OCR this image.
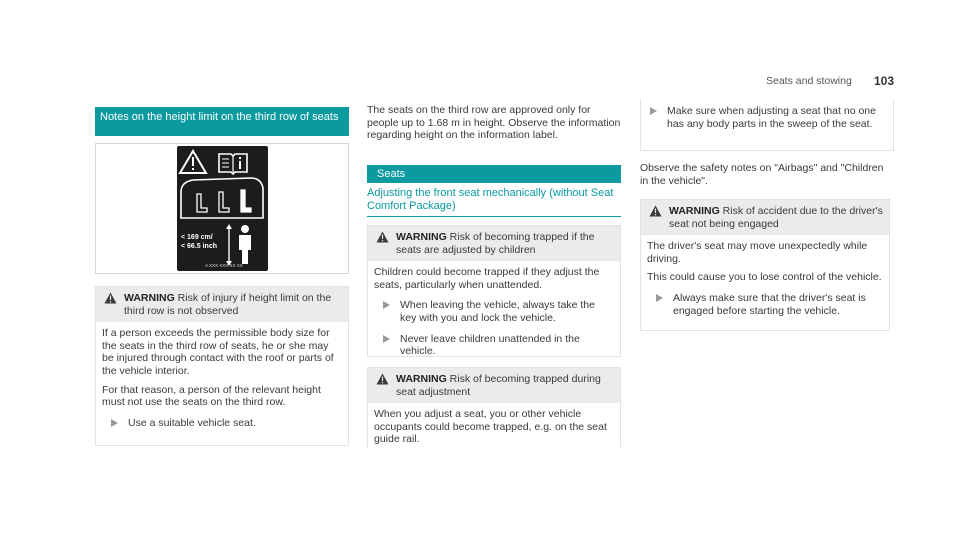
Seats and stowing 103
Notes on the height limit on the third row of seats
< 169 cm/
< 66.5 inch
A XXX XXX XX XX
WARNING Risk of injury if height limit on the third row is not observed

If a person exceeds the permissible body size for the seats in the third row of seats, he or she may be injured through contact with the roof or parts of the vehicle interior.

For that reason, a person of the relevant height must not use the seats on the third row.

Use a suitable vehicle seat.
The seats on the third row are approved only for people up to 1.68 m in height. Observe the information regarding height on the information label.
Seats
Adjusting the front seat mechanically (without Seat Comfort Package)
WARNING Risk of becoming trapped if the seats are adjusted by children

Children could become trapped if they adjust the seats, particularly when unattended.

When leaving the vehicle, always take the key with you and lock the vehicle.
Never leave children unattended in the vehicle.
WARNING Risk of becoming trapped during seat adjustment

When you adjust a seat, you or other vehicle occupants could become trapped, e.g. on the seat guide rail.

Make sure when adjusting a seat that no one has any body parts in the sweep of the seat.
Observe the safety notes on "Airbags" and "Children in the vehicle".
WARNING Risk of accident due to the driver's seat not being engaged

The driver's seat may move unexpectedly while driving.

This could cause you to lose control of the vehicle.

Always make sure that the driver's seat is engaged before starting the vehicle.
